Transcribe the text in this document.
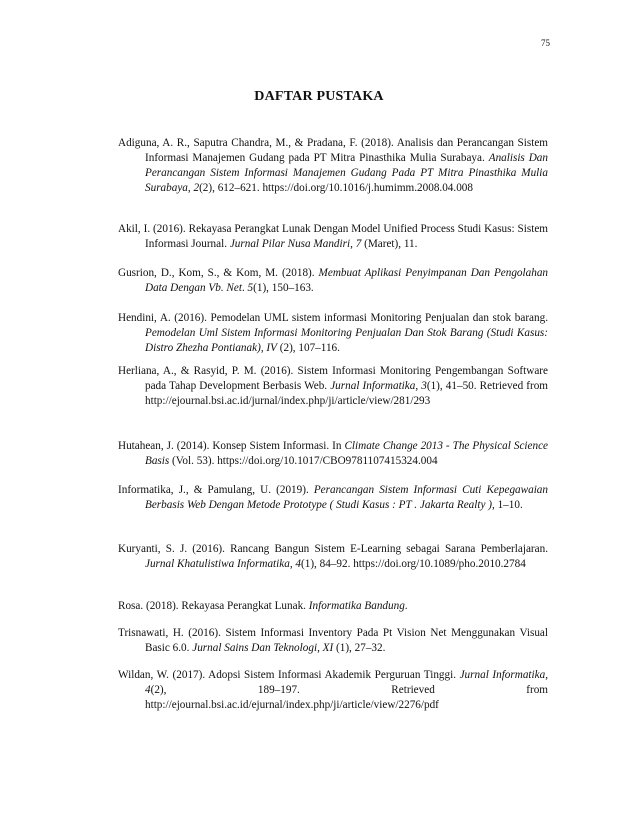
75
DAFTAR PUSTAKA
Adiguna, A. R., Saputra Chandra, M., & Pradana, F. (2018). Analisis dan Perancangan Sistem Informasi Manajemen Gudang pada PT Mitra Pinasthika Mulia Surabaya. Analisis Dan Perancangan Sistem Informasi Manajemen Gudang Pada PT Mitra Pinasthika Mulia Surabaya, 2(2), 612–621. https://doi.org/10.1016/j.humimm.2008.04.008
Akil, I. (2016). Rekayasa Perangkat Lunak Dengan Model Unified Process Studi Kasus: Sistem Informasi Journal. Jurnal Pilar Nusa Mandiri, 7 (Maret), 11.
Gusrion, D., Kom, S., & Kom, M. (2018). Membuat Aplikasi Penyimpanan Dan Pengolahan Data Dengan Vb. Net. 5(1), 150–163.
Hendini, A. (2016). Pemodelan UML sistem informasi Monitoring Penjualan dan stok barang. Pemodelan Uml Sistem Informasi Monitoring Penjualan Dan Stok Barang (Studi Kasus: Distro Zhezha Pontianak), IV (2), 107–116.
Herliana, A., & Rasyid, P. M. (2016). Sistem Informasi Monitoring Pengembangan Software pada Tahap Development Berbasis Web. Jurnal Informatika, 3(1), 41–50. Retrieved from http://ejournal.bsi.ac.id/jurnal/index.php/ji/article/view/281/293
Hutahean, J. (2014). Konsep Sistem Informasi. In Climate Change 2013 - The Physical Science Basis (Vol. 53). https://doi.org/10.1017/CBO9781107415324.004
Informatika, J., & Pamulang, U. (2019). Perancangan Sistem Informasi Cuti Kepegawaian Berbasis Web Dengan Metode Prototype ( Studi Kasus : PT . Jakarta Realty ), 1–10.
Kuryanti, S. J. (2016). Rancang Bangun Sistem E-Learning sebagai Sarana Pemberlajaran. Jurnal Khatulistiwa Informatika, 4(1), 84–92. https://doi.org/10.1089/pho.2010.2784
Rosa. (2018). Rekayasa Perangkat Lunak. Informatika Bandung.
Trisnawati, H. (2016). Sistem Informasi Inventory Pada Pt Vision Net Menggunakan Visual Basic 6.0. Jurnal Sains Dan Teknologi, XI (1), 27–32.
Wildan, W. (2017). Adopsi Sistem Informasi Akademik Perguruan Tinggi. Jurnal Informatika, 4(2), 189–197. Retrieved from http://ejournal.bsi.ac.id/ejurnal/index.php/ji/article/view/2276/pdf
